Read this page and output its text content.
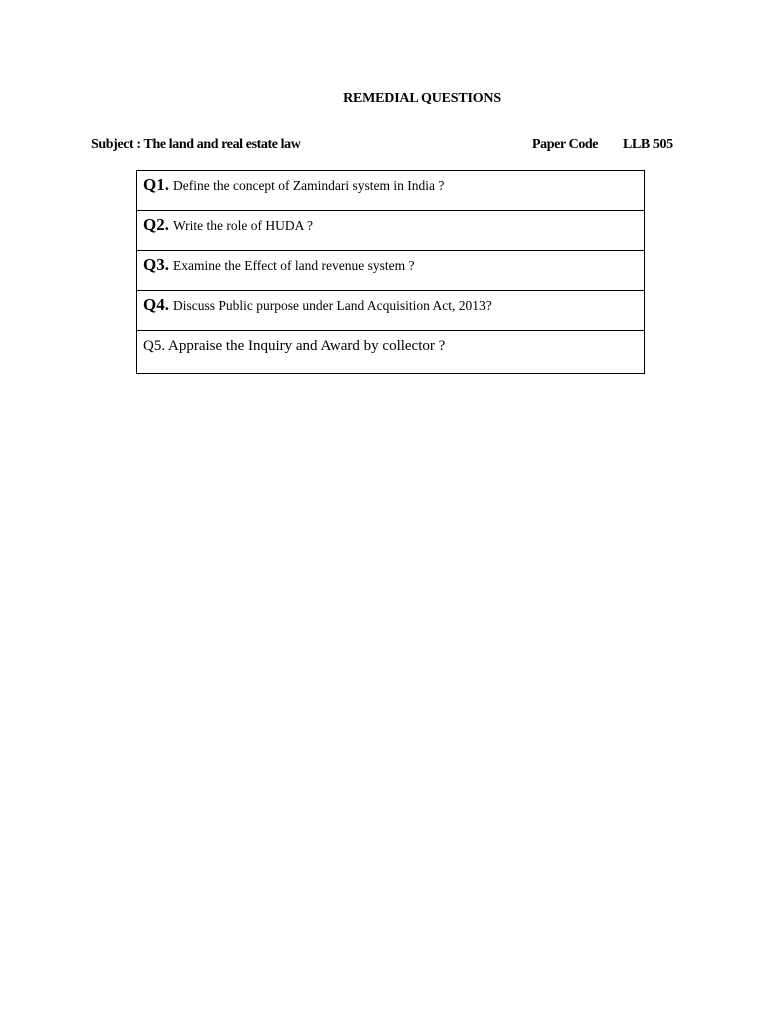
REMEDIAL QUESTIONS
Subject : The land and real estate law	Paper Code LLB 505
Q1. Define the concept of Zamindari system in India ?
Q2. Write the role of HUDA ?
Q3. Examine the Effect of land revenue system ?
Q4. Discuss Public purpose under Land Acquisition Act, 2013?
Q5. Appraise the Inquiry and Award by collector ?
